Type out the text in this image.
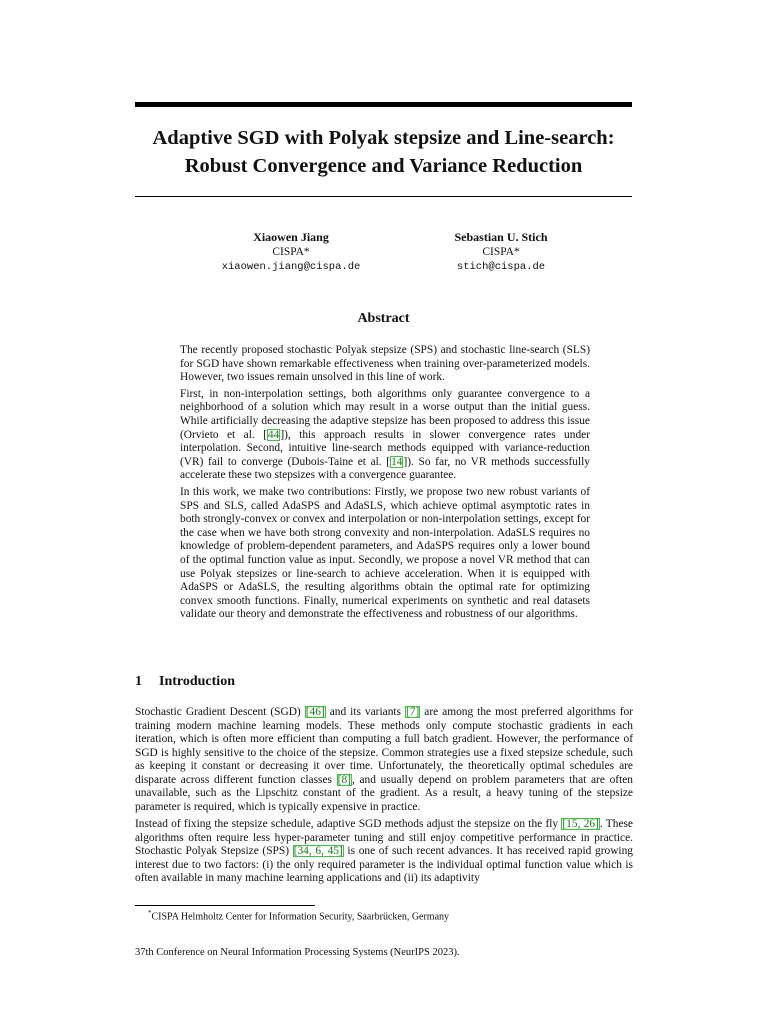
Adaptive SGD with Polyak stepsize and Line-search:
Robust Convergence and Variance Reduction
Xiaowen Jiang
CISPA*
xiaowen.jiang@cispa.de
Sebastian U. Stich
CISPA*
stich@cispa.de
Abstract

The recently proposed stochastic Polyak stepsize (SPS) and stochastic line-search (SLS) for SGD have shown remarkable effectiveness when training over-parameterized models. However, two issues remain unsolved in this line of work.

First, in non-interpolation settings, both algorithms only guarantee convergence to a neighborhood of a solution which may result in a worse output than the initial guess. While artificially decreasing the adaptive stepsize has been proposed to address this issue (Orvieto et al. [44]), this approach results in slower convergence rates under interpolation. Second, intuitive line-search methods equipped with variance-reduction (VR) fail to converge (Dubois-Taine et al. [14]). So far, no VR methods successfully accelerate these two stepsizes with a convergence guarantee.

In this work, we make two contributions: Firstly, we propose two new robust variants of SPS and SLS, called AdaSPS and AdaSLS, which achieve optimal asymptotic rates in both strongly-convex or convex and interpolation or non-interpolation settings, except for the case when we have both strong convexity and non-interpolation. AdaSLS requires no knowledge of problem-dependent parameters, and AdaSPS requires only a lower bound of the optimal function value as input. Secondly, we propose a novel VR method that can use Polyak stepsizes or line-search to achieve acceleration. When it is equipped with AdaSPS or AdaSLS, the resulting algorithms obtain the optimal rate for optimizing convex smooth functions. Finally, numerical experiments on synthetic and real datasets validate our theory and demonstrate the effectiveness and robustness of our algorithms.

1 Introduction

Stochastic Gradient Descent (SGD) [46] and its variants [7] are among the most preferred algorithms for training modern machine learning models. These methods only compute stochastic gradients in each iteration, which is often more efficient than computing a full batch gradient. However, the performance of SGD is highly sensitive to the choice of the stepsize. Common strategies use a fixed stepsize schedule, such as keeping it constant or decreasing it over time. Unfortunately, the theoretically optimal schedules are disparate across different function classes [8], and usually depend on problem parameters that are often unavailable, such as the Lipschitz constant of the gradient. As a result, a heavy tuning of the stepsize parameter is required, which is typically expensive in practice.

Instead of fixing the stepsize schedule, adaptive SGD methods adjust the stepsize on the fly [15, 26]. These algorithms often require less hyper-parameter tuning and still enjoy competitive performance in practice. Stochastic Polyak Stepsize (SPS) [34, 6, 45] is one of such recent advances. It has received rapid growing interest due to two factors: (i) the only required parameter is the individual optimal function value which is often available in many machine learning applications and (ii) its adaptivity

*CISPA Helmholtz Center for Information Security, Saarbrücken, Germany
37th Conference on Neural Information Processing Systems (NeurIPS 2023).
